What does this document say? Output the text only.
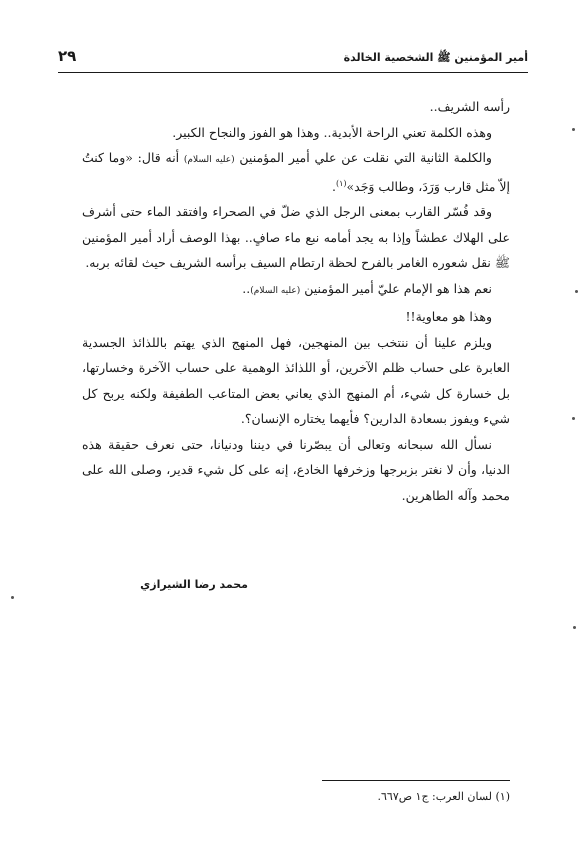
أمير المؤمنين ﷺ الشخصية الخالدة
٢٩

رأسه الشريف..

وهذه الكلمة تعني الراحة الأبدية.. وهذا هو الفوز والنجاح الكبير.

والكلمة الثانية التي نقلت عن علي أمير المؤمنين (عليه السلام) أنه قال: «وما كنتُ إلاّ مثل قارب وَرَدَ، وطالب وَجَد»$^{(١)}$.

وقد فُسّر القارب بمعنى الرجل الذي ضلّ في الصحراء وافتقد الماء حتى أشرف على الهلاك عطشاً وإذا به يجد أمامه نبع ماء صافٍ.. بهذا الوصف أراد أمير المؤمنين ﷺ نقل شعوره الغامر بالفرح لحظة ارتطام السيف برأسه الشريف حيث لقائه بربه.

نعم هذا هو الإمام عليّ أمير المؤمنين (عليه السلام)..

وهذا هو معاوية!!

ويلزم علينا أن ننتخب بين المنهجين، فهل المنهج الذي يهتم باللذائذ الجسدية العابرة على حساب ظلم الآخرين، أو اللذائذ الوهمية على حساب الآخرة وخسارتها، بل خسارة كل شيء، أم المنهج الذي يعاني بعض المتاعب الطفيفة ولكنه يربح كل شيء ويفوز بسعادة الدارين؟ فأيهما يختاره الإنسان؟.

نسأل الله سبحانه وتعالى أن يبصّرنا في ديننا ودنيانا، حتى نعرف حقيقة هذه الدنيا، وأن لا نغتر بزبرجها وزخرفها الخادع، إنه على كل شيء قدير، وصلى الله على محمد وآله الطاهرين.

محمد رضا الشيرازي
(١) لسان العرب: ج١ ص٦٦٧.
